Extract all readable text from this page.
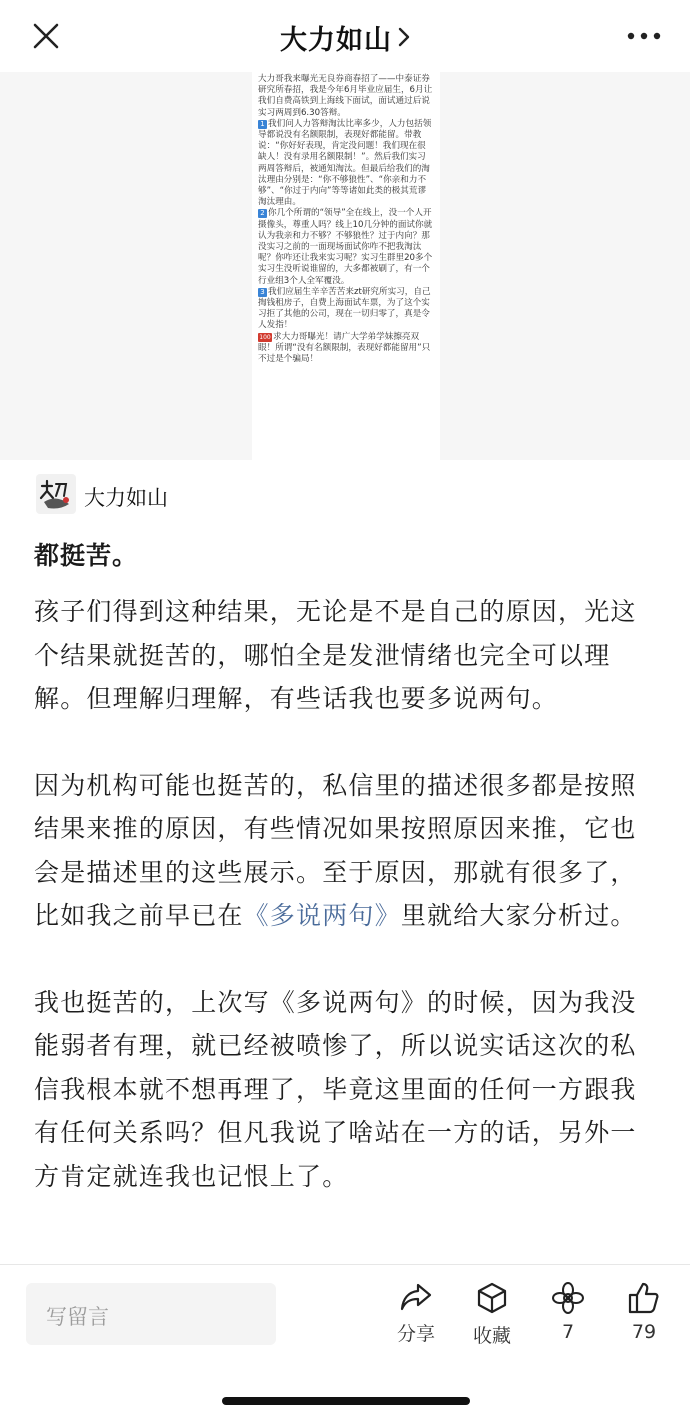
大力如山
大力哥我来曝光无良券商春招了——中泰证券研究所春招，我是今年6月毕业应届生，6月让我们自费高铁到上海线下面试，面试通过后说实习两周到6.30答辩。
1 我们问人力答辩淘汰比率多少，人力包括领导都说没有名额限制，表现好都能留。带教说：“你好好表现，肯定没问题！我们现在很缺人！没有录用名额限制！”。然后我们实习两周答辩后，被通知淘汰。但最后给我们的淘汰理由分别是：“你不够狼性”、“你亲和力不够”、“你过于内向”等等诸如此类的极其荒谬淘汰理由。
2 你几个所谓的“领导”全在线上，没一个人开摄像头，尊重人吗？线上10几分钟的面试你就认为我亲和力不够？不够狼性？过于内向？那没实习之前的一面现场面试你咋不把我淘汰呢？你咋还让我来实习呢？实习生群里20多个实习生没听说谁留的，大多都被刷了，有一个行业组3个人全军覆没。
3 我们应届生辛辛苦苦来zt研究所实习，自己掏钱租房子，自费上海面试车票，为了这个实习拒了其他的公司，现在一切归零了，真是令人发指！
100 求大力哥曝光！请广大学弟学妹擦亮双眼！所谓“没有名额限制，表现好都能留用”只不过是个骗局！
大力如山

都挺苦。

孩子们得到这种结果，无论是不是自己的原因，光这个结果就挺苦的，哪怕全是发泄情绪也完全可以理解。但理解归理解，有些话我也要多说两句。

因为机构可能也挺苦的，私信里的描述很多都是按照结果来推的原因，有些情况如果按照原因来推，它也会是描述里的这些展示。至于原因，那就有很多了，比如我之前早已在《多说两句》里就给大家分析过。

我也挺苦的，上次写《多说两句》的时候，因为我没能弱者有理，就已经被喷惨了，所以说实话这次的私信我根本就不想再理了，毕竟这里面的任何一方跟我有任何关系吗？但凡我说了啥站在一方的话，另外一方肯定就连我也记恨上了。

写留言
分享	收藏	7	79
